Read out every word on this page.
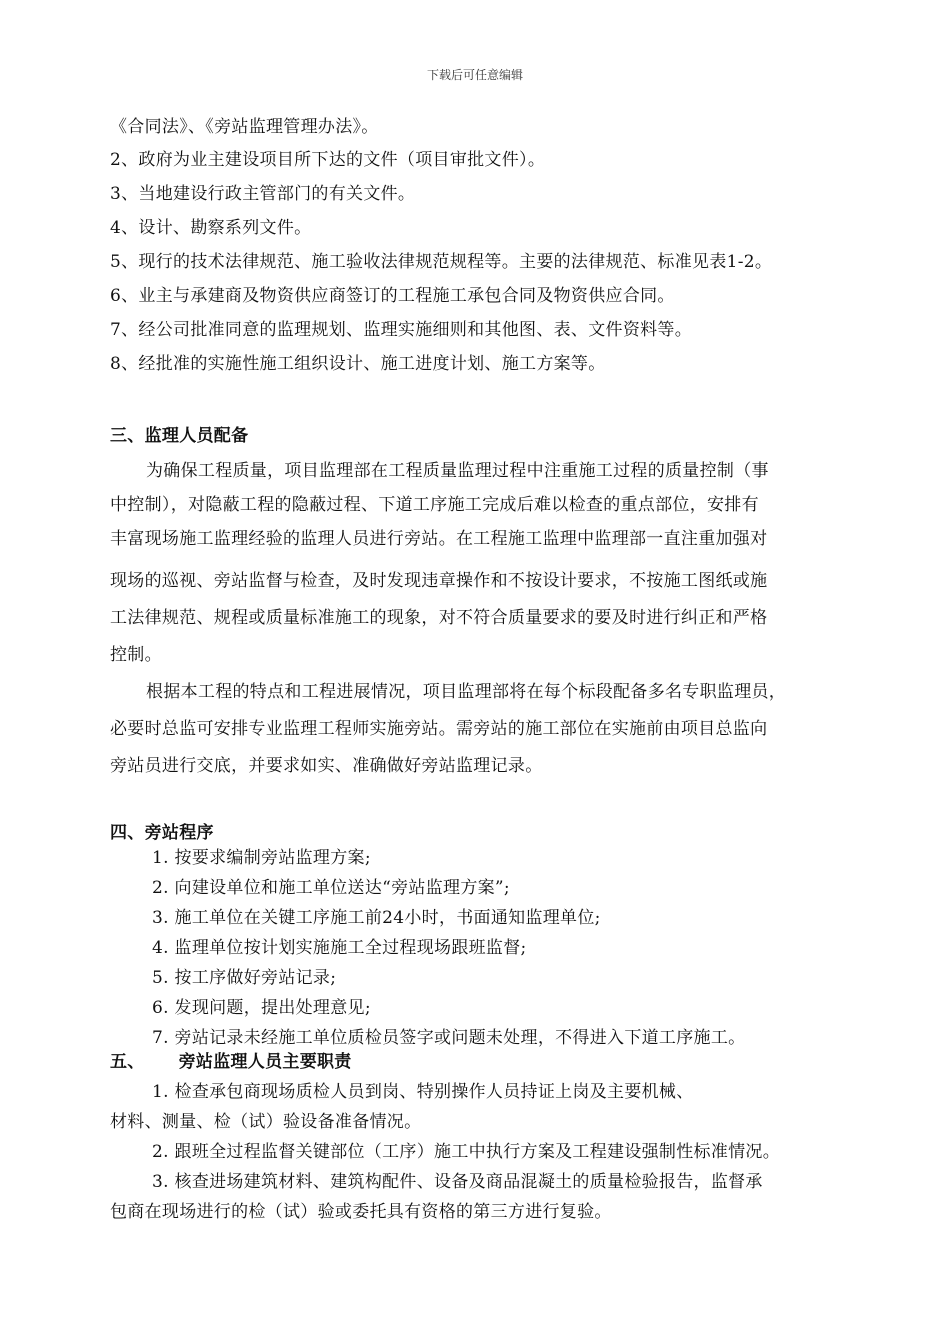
下载后可任意编辑
《合同法》、《旁站监理管理办法》。
2、政府为业主建设项目所下达的文件（项目审批文件）。
3、当地建设行政主管部门的有关文件。
4、设计、勘察系列文件。
5、现行的技术法律规范、施工验收法律规范规程等。主要的法律规范、标准见表1-2。
6、业主与承建商及物资供应商签订的工程施工承包合同及物资供应合同。
7、经公司批准同意的监理规划、监理实施细则和其他图、表、文件资料等。
8、经批准的实施性施工组织设计、施工进度计划、施工方案等。
三、监理人员配备
为确保工程质量，项目监理部在工程质量监理过程中注重施工过程的质量控制（事
中控制），对隐蔽工程的隐蔽过程、下道工序施工完成后难以检查的重点部位，安排有
丰富现场施工监理经验的监理人员进行旁站。在工程施工监理中监理部一直注重加强对
现场的巡视、旁站监督与检查，及时发现违章操作和不按设计要求，不按施工图纸或施
工法律规范、规程或质量标准施工的现象，对不符合质量要求的要及时进行纠正和严格
控制。
根据本工程的特点和工程进展情况，项目监理部将在每个标段配备多名专职监理员，
必要时总监可安排专业监理工程师实施旁站。需旁站的施工部位在实施前由项目总监向
旁站员进行交底，并要求如实、准确做好旁站监理记录。
四、旁站程序
1. 按要求编制旁站监理方案;
2. 向建设单位和施工单位送达“旁站监理方案”;
3. 施工单位在关键工序施工前24小时，书面通知监理单位;
4. 监理单位按计划实施施工全过程现场跟班监督;
5. 按工序做好旁站记录;
6. 发现问题，提出处理意见;
7. 旁站记录未经施工单位质检员签字或问题未处理，不得进入下道工序施工。
五、 旁站监理人员主要职责
1. 检查承包商现场质检人员到岗、特别操作人员持证上岗及主要机械、
材料、测量、检（试）验设备准备情况。
2. 跟班全过程监督关键部位（工序）施工中执行方案及工程建设强制性标准情况。
3. 核查进场建筑材料、建筑构配件、设备及商品混凝土的质量检验报告，监督承
包商在现场进行的检（试）验或委托具有资格的第三方进行复验。
